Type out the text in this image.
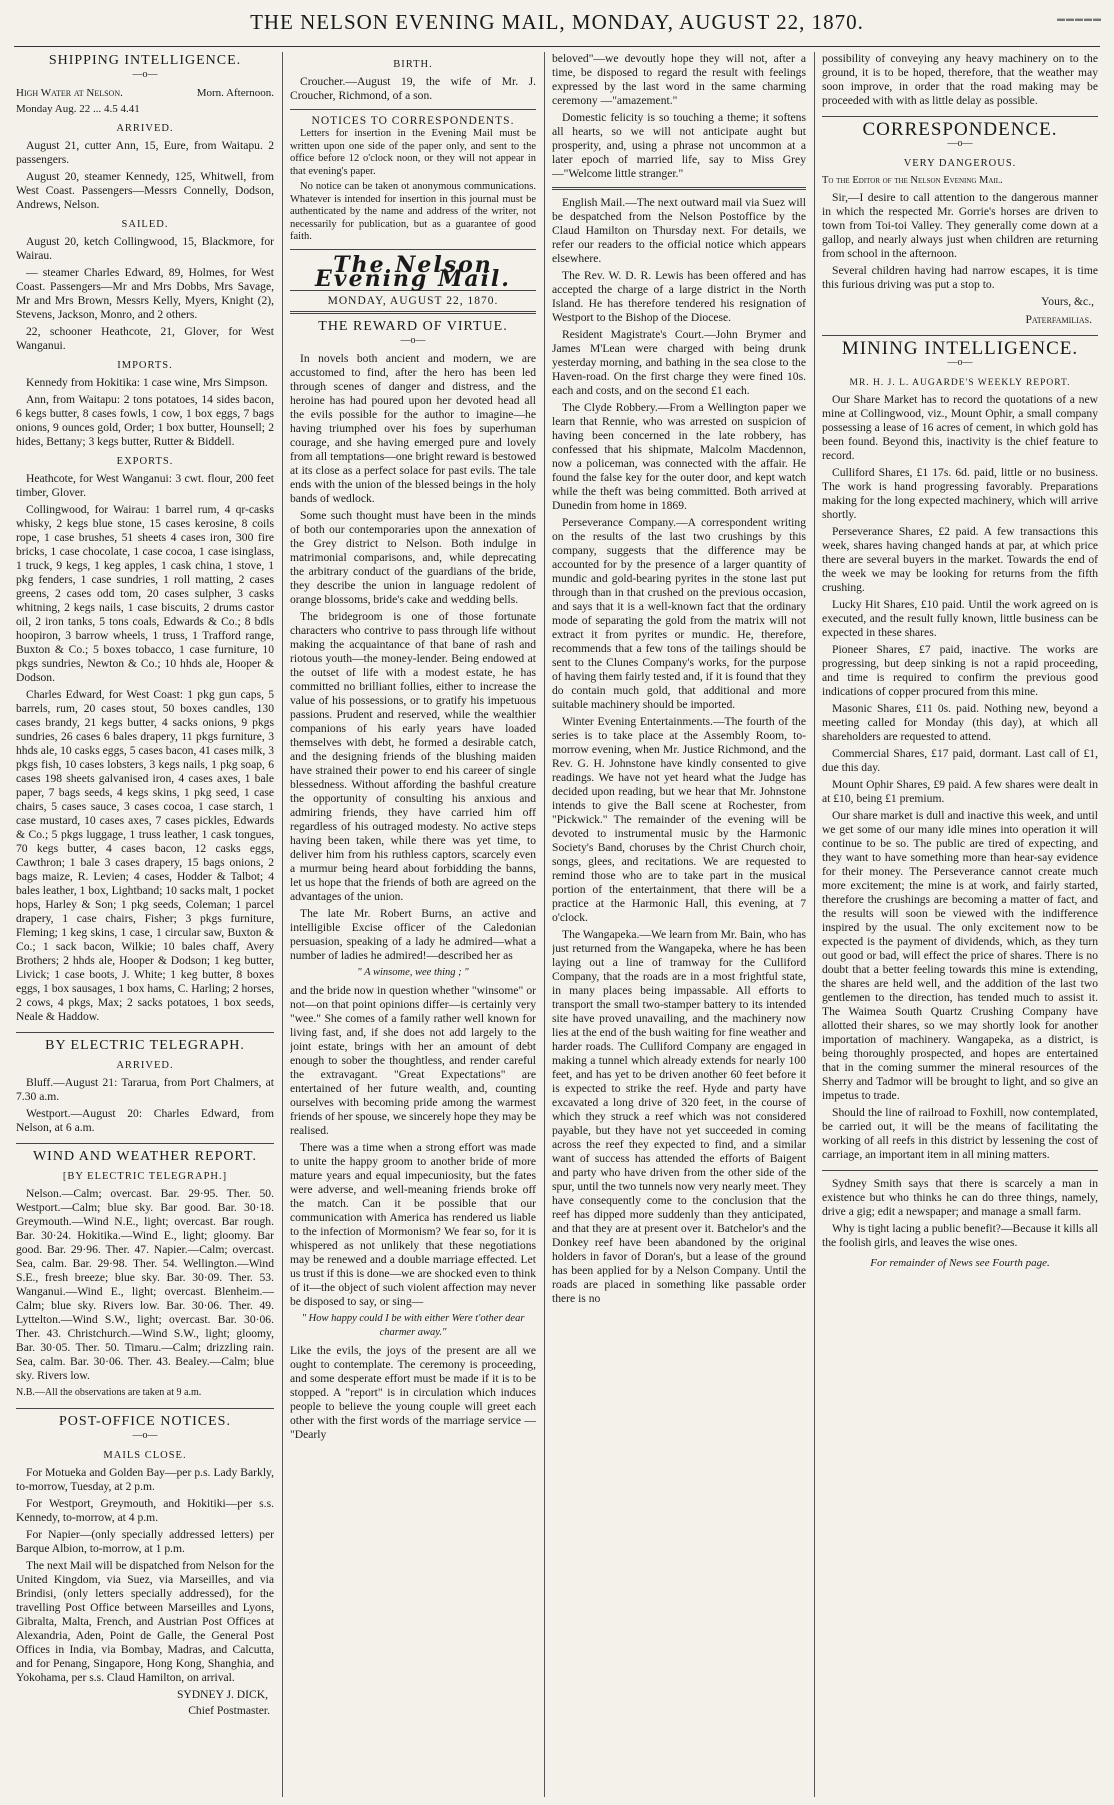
THE NELSON EVENING MAIL, MONDAY, AUGUST 22, 1870.	▬▬▬▬▬
SHIPPING INTELLIGENCE.
—o—
High Water at Nelson.	Morn. Afternoon.
Monday Aug. 22 ... 4.5 4.41
ARRIVED.

August 21, cutter Ann, 15, Eure, from Waitapu. 2 passengers.

August 20, steamer Kennedy, 125, Whitwell, from West Coast. Passengers—Messrs Connelly, Dodson, Andrews, Nelson.

SAILED.

August 20, ketch Collingwood, 15, Blackmore, for Wairau.

— steamer Charles Edward, 89, Holmes, for West Coast. Passengers—Mr and Mrs Dobbs, Mrs Savage, Mr and Mrs Brown, Messrs Kelly, Myers, Knight (2), Stevens, Jackson, Monro, and 2 others.

22, schooner Heathcote, 21, Glover, for West Wanganui.

IMPORTS.

Kennedy from Hokitika: 1 case wine, Mrs Simpson.

Ann, from Waitapu: 2 tons potatoes, 14 sides bacon, 6 kegs butter, 8 cases fowls, 1 cow, 1 box eggs, 7 bags onions, 9 ounces gold, Order; 1 box butter, Hounsell; 2 hides, Bettany; 3 kegs butter, Rutter & Biddell.

EXPORTS.

Heathcote, for West Wanganui: 3 cwt. flour, 200 feet timber, Glover.

Collingwood, for Wairau: 1 barrel rum, 4 qr-casks whisky, 2 kegs blue stone, 15 cases kerosine, 8 coils rope, 1 case brushes, 51 sheets 4 cases iron, 300 fire bricks, 1 case chocolate, 1 case cocoa, 1 case isinglass, 1 truck, 9 kegs, 1 keg apples, 1 cask china, 1 stove, 1 pkg fenders, 1 case sundries, 1 roll matting, 2 cases greens, 2 cases odd tom, 20 cases sulpher, 3 casks whitning, 2 kegs nails, 1 case biscuits, 2 drums castor oil, 2 iron tanks, 5 tons coals, Edwards & Co.; 8 bdls hoopiron, 3 barrow wheels, 1 truss, 1 Trafford range, Buxton & Co.; 5 boxes tobacco, 1 case furniture, 10 pkgs sundries, Newton & Co.; 10 hhds ale, Hooper & Dodson.

Charles Edward, for West Coast: 1 pkg gun caps, 5 barrels, rum, 20 cases stout, 50 boxes candles, 130 cases brandy, 21 kegs butter, 4 sacks onions, 9 pkgs sundries, 26 cases 6 bales drapery, 11 pkgs furniture, 3 hhds ale, 10 casks eggs, 5 cases bacon, 41 cases milk, 3 pkgs fish, 10 cases lobsters, 3 kegs nails, 1 pkg soap, 6 cases 198 sheets galvanised iron, 4 cases axes, 1 bale paper, 7 bags seeds, 4 kegs skins, 1 pkg seed, 1 case chairs, 5 cases sauce, 3 cases cocoa, 1 case starch, 1 case mustard, 10 cases axes, 7 cases pickles, Edwards & Co.; 5 pkgs luggage, 1 truss leather, 1 cask tongues, 70 kegs butter, 4 cases bacon, 12 casks eggs, Cawthron; 1 bale 3 cases drapery, 15 bags onions, 2 bags maize, R. Levien; 4 cases, Hodder & Talbot; 4 bales leather, 1 box, Lightband; 10 sacks malt, 1 pocket hops, Harley & Son; 1 pkg seeds, Coleman; 1 parcel drapery, 1 case chairs, Fisher; 3 pkgs furniture, Fleming; 1 keg skins, 1 case, 1 circular saw, Buxton & Co.; 1 sack bacon, Wilkie; 10 bales chaff, Avery Brothers; 2 hhds ale, Hooper & Dodson; 1 keg butter, Livick; 1 case boots, J. White; 1 keg butter, 8 boxes eggs, 1 box sausages, 1 box hams, C. Harling; 2 horses, 2 cows, 4 pkgs, Max; 2 sacks potatoes, 1 box seeds, Neale & Haddow.

BY ELECTRIC TELEGRAPH.
ARRIVED.

Bluff.—August 21: Tararua, from Port Chalmers, at 7.30 a.m.

Westport.—August 20: Charles Edward, from Nelson, at 6 a.m.

WIND AND WEATHER REPORT.
[BY ELECTRIC TELEGRAPH.]

Nelson.—Calm; overcast. Bar. 29·95. Ther. 50. Westport.—Calm; blue sky. Bar good. Bar. 30·18. Greymouth.—Wind N.E., light; overcast. Bar rough. Bar. 30·24. Hokitika.—Wind E., light; gloomy. Bar good. Bar. 29·96. Ther. 47. Napier.—Calm; overcast. Sea, calm. Bar. 29·98. Ther. 54. Wellington.—Wind S.E., fresh breeze; blue sky. Bar. 30·09. Ther. 53. Wanganui.—Wind E., light; overcast. Blenheim.—Calm; blue sky. Rivers low. Bar. 30·06. Ther. 49. Lyttelton.—Wind S.W., light; overcast. Bar. 30·06. Ther. 43. Christchurch.—Wind S.W., light; gloomy, Bar. 30·05. Ther. 50. Timaru.—Calm; drizzling rain. Sea, calm. Bar. 30·06. Ther. 43. Bealey.—Calm; blue sky. Rivers low.

N.B.—All the observations are taken at 9 a.m.

POST-OFFICE NOTICES.
—o—
MAILS CLOSE.

For Motueka and Golden Bay—per p.s. Lady Barkly, to-morrow, Tuesday, at 2 p.m.

For Westport, Greymouth, and Hokitiki—per s.s. Kennedy, to-morrow, at 4 p.m.

For Napier—(only specially addressed letters) per Barque Albion, to-morrow, at 1 p.m.

The next Mail will be dispatched from Nelson for the United Kingdom, via Suez, via Marseilles, and via Brindisi, (only letters specially addressed), for the travelling Post Office between Marseilles and Lyons, Gibralta, Malta, French, and Austrian Post Offices at Alexandria, Aden, Point de Galle, the General Post Offices in India, via Bombay, Madras, and Calcutta, and for Penang, Singapore, Hong Kong, Shanghia, and Yokohama, per s.s. Claud Hamilton, on arrival.

SYDNEY J. DICK,
Chief Postmaster.
BIRTH.

Croucher.—August 19, the wife of Mr. J. Croucher, Richmond, of a son.

NOTICES TO CORRESPONDENTS.

Letters for insertion in the Evening Mail must be written upon one side of the paper only, and sent to the office before 12 o'clock noon, or they will not appear in that evening's paper.

No notice can be taken ot anonymous communications. Whatever is intended for insertion in this journal must be authenticated by the name and address of the writer, not necessarily for publication, but as a guarantee of good faith.

The Nelson Evening Mail.
MONDAY, AUGUST 22, 1870.
THE REWARD OF VIRTUE.
—o—

In novels both ancient and modern, we are accustomed to find, after the hero has been led through scenes of danger and distress, and the heroine has had poured upon her devoted head all the evils possible for the author to imagine—he having triumphed over his foes by superhuman courage, and she having emerged pure and lovely from all temptations—one bright reward is bestowed at its close as a perfect solace for past evils. The tale ends with the union of the blessed beings in the holy bands of wedlock.

Some such thought must have been in the minds of both our contemporaries upon the annexation of the Grey district to Nelson. Both indulge in matrimonial comparisons, and, while deprecating the arbitrary conduct of the guardians of the bride, they describe the union in language redolent of orange blossoms, bride's cake and wedding bells.

The bridegroom is one of those fortunate characters who contrive to pass through life without making the acquaintance of that bane of rash and riotous youth—the money-lender. Being endowed at the outset of life with a modest estate, he has committed no brilliant follies, either to increase the value of his possessions, or to gratify his impetuous passions. Prudent and reserved, while the wealthier companions of his early years have loaded themselves with debt, he formed a desirable catch, and the designing friends of the blushing maiden have strained their power to end his career of single blessedness. Without affording the bashful creature the opportunity of consulting his anxious and admiring friends, they have carried him off regardless of his outraged modesty. No active steps having been taken, while there was yet time, to deliver him from his ruthless captors, scarcely even a murmur being heard about forbidding the banns, let us hope that the friends of both are agreed on the advantages of the union.

The late Mr. Robert Burns, an active and intelligible Excise officer of the Caledonian persuasion, speaking of a lady he admired—what a number of ladies he admired!—described her as

" A winsome, wee thing ; "

and the bride now in question whether "winsome" or not—on that point opinions differ—is certainly very "wee." She comes of a family rather well known for living fast, and, if she does not add largely to the joint estate, brings with her an amount of debt enough to sober the thoughtless, and render careful the extravagant. "Great Expectations" are entertained of her future wealth, and, counting ourselves with becoming pride among the warmest friends of her spouse, we sincerely hope they may be realised.

There was a time when a strong effort was made to unite the happy groom to another bride of more mature years and equal impecuniosity, but the fates were adverse, and well-meaning friends broke off the match. Can it be possible that our communication with America has rendered us liable to the infection of Mormonism? We fear so, for it is whispered as not unlikely that these negotiations may be renewed and a double marriage effected. Let us trust if this is done—we are shocked even to think of it—the object of such violent affection may never be disposed to say, or sing—

" How happy could I be with either Were t'other dear charmer away."

Like the evils, the joys of the present are all we ought to contemplate. The ceremony is proceeding, and some desperate effort must be made if it is to be stopped. A "report" is in circulation which induces people to believe the young couple will greet each other with the first words of the marriage service — "Dearly

beloved"—we devoutly hope they will not, after a time, be disposed to regard the result with feelings expressed by the last word in the same charming ceremony —"amazement."

Domestic felicity is so touching a theme; it softens all hearts, so we will not anticipate aught but prosperity, and, using a phrase not uncommon at a later epoch of married life, say to Miss Grey—"Welcome little stranger."

English Mail.—The next outward mail via Suez will be despatched from the Nelson Postoffice by the Claud Hamilton on Thursday next. For details, we refer our readers to the official notice which appears elsewhere.

The Rev. W. D. R. Lewis has been offered and has accepted the charge of a large district in the North Island. He has therefore tendered his resignation of Westport to the Bishop of the Diocese.

Resident Magistrate's Court.—John Brymer and James M'Lean were charged with being drunk yesterday morning, and bathing in the sea close to the Haven-road. On the first charge they were fined 10s. each and costs, and on the second £1 each.

The Clyde Robbery.—From a Wellington paper we learn that Rennie, who was arrested on suspicion of having been concerned in the late robbery, has confessed that his shipmate, Malcolm Macdennon, now a policeman, was connected with the affair. He found the false key for the outer door, and kept watch while the theft was being committed. Both arrived at Dunedin from home in 1869.

Perseverance Company.—A correspondent writing on the results of the last two crushings by this company, suggests that the difference may be accounted for by the presence of a larger quantity of mundic and gold-bearing pyrites in the stone last put through than in that crushed on the previous occasion, and says that it is a well-known fact that the ordinary mode of separating the gold from the matrix will not extract it from pyrites or mundic. He, therefore, recommends that a few tons of the tailings should be sent to the Clunes Company's works, for the purpose of having them fairly tested and, if it is found that they do contain much gold, that additional and more suitable machinery should be imported.

Winter Evening Entertainments.—The fourth of the series is to take place at the Assembly Room, to-morrow evening, when Mr. Justice Richmond, and the Rev. G. H. Johnstone have kindly consented to give readings. We have not yet heard what the Judge has decided upon reading, but we hear that Mr. Johnstone intends to give the Ball scene at Rochester, from "Pickwick." The remainder of the evening will be devoted to instrumental music by the Harmonic Society's Band, choruses by the Christ Church choir, songs, glees, and recitations. We are requested to remind those who are to take part in the musical portion of the entertainment, that there will be a practice at the Harmonic Hall, this evening, at 7 o'clock.

The Wangapeka.—We learn from Mr. Bain, who has just returned from the Wangapeka, where he has been laying out a line of tramway for the Culliford Company, that the roads are in a most frightful state, in many places being impassable. All efforts to transport the small two-stamper battery to its intended site have proved unavailing, and the machinery now lies at the end of the bush waiting for fine weather and harder roads. The Culliford Company are engaged in making a tunnel which already extends for nearly 100 feet, and has yet to be driven another 60 feet before it is expected to strike the reef. Hyde and party have excavated a long drive of 320 feet, in the course of which they struck a reef which was not considered payable, but they have not yet succeeded in coming across the reef they expected to find, and a similar want of success has attended the efforts of Baigent and party who have driven from the other side of the spur, until the two tunnels now very nearly meet. They have consequently come to the conclusion that the reef has dipped more suddenly than they anticipated, and that they are at present over it. Batchelor's and the Donkey reef have been abandoned by the original holders in favor of Doran's, but a lease of the ground has been applied for by a Nelson Company. Until the roads are placed in something like passable order there is no

possibility of conveying any heavy machinery on to the ground, it is to be hoped, therefore, that the weather may soon improve, in order that the road making may be proceeded with with as little delay as possible.

CORRESPONDENCE.
—o—
VERY DANGEROUS.

To the Editor of the Nelson Evening Mail.

Sir,—I desire to call attention to the dangerous manner in which the respected Mr. Gorrie's horses are driven to town from Toi-toi Valley. They generally come down at a gallop, and nearly always just when children are returning from school in the afternoon.

Several children having had narrow escapes, it is time this furious driving was put a stop to.

Yours, &c.,
Paterfamilias.
MINING INTELLIGENCE.
—o—
MR. H. J. L. AUGARDE'S WEEKLY REPORT.

Our Share Market has to record the quotations of a new mine at Collingwood, viz., Mount Ophir, a small company possessing a lease of 16 acres of cement, in which gold has been found. Beyond this, inactivity is the chief feature to record.

Culliford Shares, £1 17s. 6d. paid, little or no business. The work is hand progressing favorably. Preparations making for the long expected machinery, which will arrive shortly.

Perseverance Shares, £2 paid. A few transactions this week, shares having changed hands at par, at which price there are several buyers in the market. Towards the end of the week we may be looking for returns from the fifth crushing.

Lucky Hit Shares, £10 paid. Until the work agreed on is executed, and the result fully known, little business can be expected in these shares.

Pioneer Shares, £7 paid, inactive. The works are progressing, but deep sinking is not a rapid proceeding, and time is required to confirm the previous good indications of copper procured from this mine.

Masonic Shares, £11 0s. paid. Nothing new, beyond a meeting called for Monday (this day), at which all shareholders are requested to attend.

Commercial Shares, £17 paid, dormant. Last call of £1, due this day.

Mount Ophir Shares, £9 paid. A few shares were dealt in at £10, being £1 premium.

Our share market is dull and inactive this week, and until we get some of our many idle mines into operation it will continue to be so. The public are tired of expecting, and they want to have something more than hear-say evidence for their money. The Perseverance cannot create much more excitement; the mine is at work, and fairly started, therefore the crushings are becoming a matter of fact, and the results will soon be viewed with the indifference inspired by the usual. The only excitement now to be expected is the payment of dividends, which, as they turn out good or bad, will effect the price of shares. There is no doubt that a better feeling towards this mine is extending, the shares are held well, and the addition of the last two gentlemen to the direction, has tended much to assist it. The Waimea South Quartz Crushing Company have allotted their shares, so we may shortly look for another importation of machinery. Wangapeka, as a district, is being thoroughly prospected, and hopes are entertained that in the coming summer the mineral resources of the Sherry and Tadmor will be brought to light, and so give an impetus to trade.

Should the line of railroad to Foxhill, now contemplated, be carried out, it will be the means of facilitating the working of all reefs in this district by lessening the cost of carriage, an important item in all mining matters.

Sydney Smith says that there is scarcely a man in existence but who thinks he can do three things, namely, drive a gig; edit a newspaper; and manage a small farm.

Why is tight lacing a public benefit?—Because it kills all the foolish girls, and leaves the wise ones.

For remainder of News see Fourth page.
